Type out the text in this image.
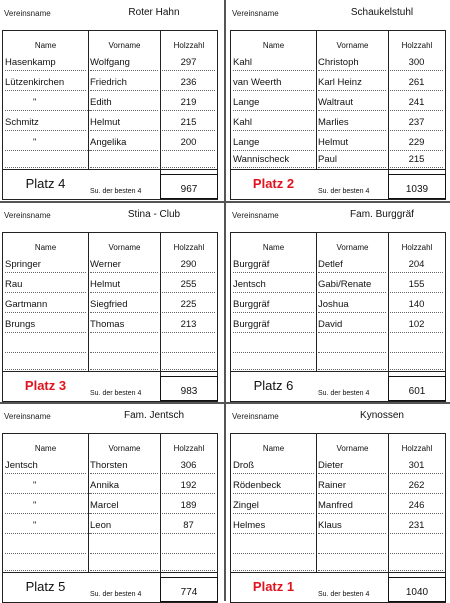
Vereinsname	Roter Hahn
Name	Vorname	Holzzahl
Hasenkamp	Wolfgang	297
Lützenkirchen	Friedrich	236
"	Edith	219
Schmitz	Helmut	215
"	Angelika	200
Platz 4
Su. der besten 4	967
Vereinsname	Schaukelstuhl
Name	Vorname	Holzzahl
Kahl	Christoph	300
van Weerth	Karl Heinz	261
Lange	Waltraut	241
Kahl	Marlies	237
Lange	Helmut	229
Wannischeck	Paul	215
Platz 2
Su. der besten 4	1039
Vereinsname	Stina - Club
Name	Vorname	Holzzahl
Springer	Werner	290
Rau	Helmut	255
Gartmann	Siegfried	225
Brungs	Thomas	213
Platz 3
Su. der besten 4	983
Vereinsname	Fam. Burggräf
Name	Vorname	Holzzahl
Burggräf	Detlef	204
Jentsch	Gabi/Renate	155
Burggräf	Joshua	140
Burggräf	David	102
Platz 6
Su. der besten 4	601
Vereinsname	Fam. Jentsch
Name	Vorname	Holzzahl
Jentsch	Thorsten	306
"	Annika	192
"	Marcel	189
"	Leon	87
Platz 5
Su. der besten 4	774
Vereinsname	Kynossen
Name	Vorname	Holzzahl
Droß	Dieter	301
Rödenbeck	Rainer	262
Zingel	Manfred	246
Helmes	Klaus	231
Platz 1
Su. der besten 4	1040
